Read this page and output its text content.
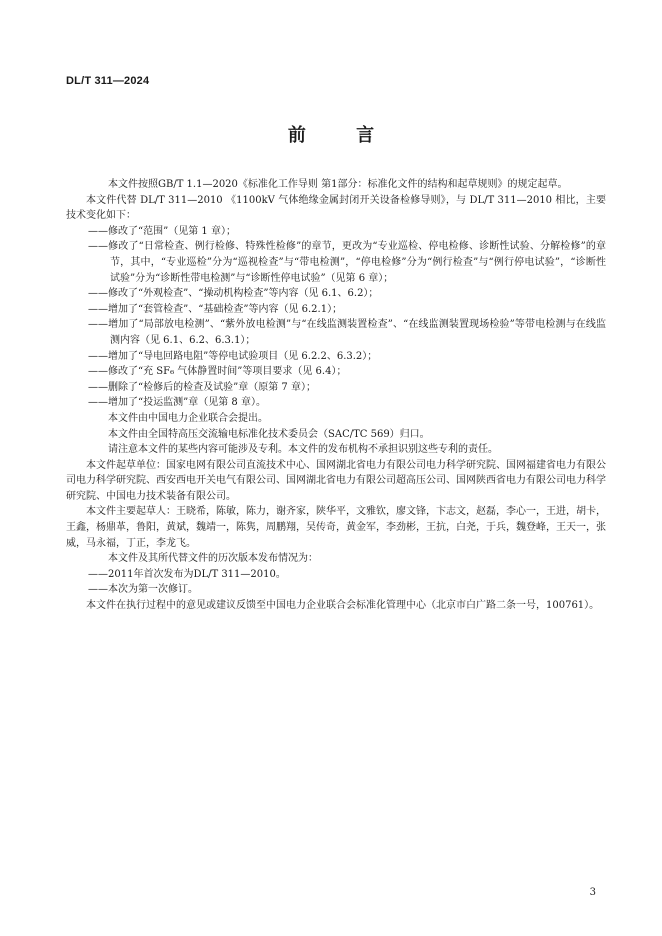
DL/T 311—2024
前 言

本文件按照GB/T 1.1—2020《标准化工作导则 第1部分：标准化文件的结构和起草规则》的规定起草。

本文件代替 DL/T 311—2010 《1100kV 气体绝缘金属封闭开关设备检修导则》，与 DL/T 311—2010 相比，主要技术变化如下：

—— 修改了“范围”（见第 1 章）；

—— 修改了“日常检查、例行检修、特殊性检修”的章节，更改为“专业巡检、停电检修、诊断性试验、分解检修”的章节，其中，“专业巡检”分为“巡视检查”与“带电检测”，“停电检修”分为“例行检查”与“例行停电试验”，“诊断性试验”分为“诊断性带电检测”与“诊断性停电试验”（见第 6 章）；

—— 修改了“外观检查”、“操动机构检查”等内容（见 6.1、6.2）；

—— 增加了“套管检查”、“基础检查”等内容（见 6.2.1）；

—— 增加了“局部放电检测”、“紫外放电检测”与“在线监测装置检查”、“在线监测装置现场检验”等带电检测与在线监测内容（见 6.1、6.2、6.3.1）；

—— 增加了“导电回路电阻”等停电试验项目（见 6.2.2、6.3.2）；

—— 修改了“充 SF₆ 气体静置时间”等项目要求（见 6.4）；

—— 删除了“检修后的检查及试验”章（原第 7 章）；

—— 增加了“投运监测”章（见第 8 章）。

本文件由中国电力企业联合会提出。

本文件由全国特高压交流输电标准化技术委员会（SAC/TC 569）归口。

请注意本文件的某些内容可能涉及专利。本文件的发布机构不承担识别这些专利的责任。

本文件起草单位：国家电网有限公司直流技术中心、国网湖北省电力有限公司电力科学研究院、国网福建省电力有限公司电力科学研究院、西安西电开关电气有限公司、国网湖北省电力有限公司超高压公司、国网陕西省电力有限公司电力科学研究院、中国电力技术装备有限公司。

本文件主要起草人：王晓希，陈敏，陈力，谢齐家，陕华平，文雅钦，廖文锋，卞志文，赵磊，李心一，王进，胡卡，王鑫，杨鼎革，鲁阳，黄斌，魏靖一，陈隽，周鹏翔，吴传奇，黄金军，李劲彬，王抗，白尧，于兵，魏登峰，王天一，张威，马永福，丁正，李龙飞。

本文件及其所代替文件的历次版本发布情况为：

—— 2011年首次发布为DL/T 311—2010。

—— 本次为第一次修订。

本文件在执行过程中的意见或建议反馈至中国电力企业联合会标准化管理中心（北京市白广路二条一号，100761）。

3
